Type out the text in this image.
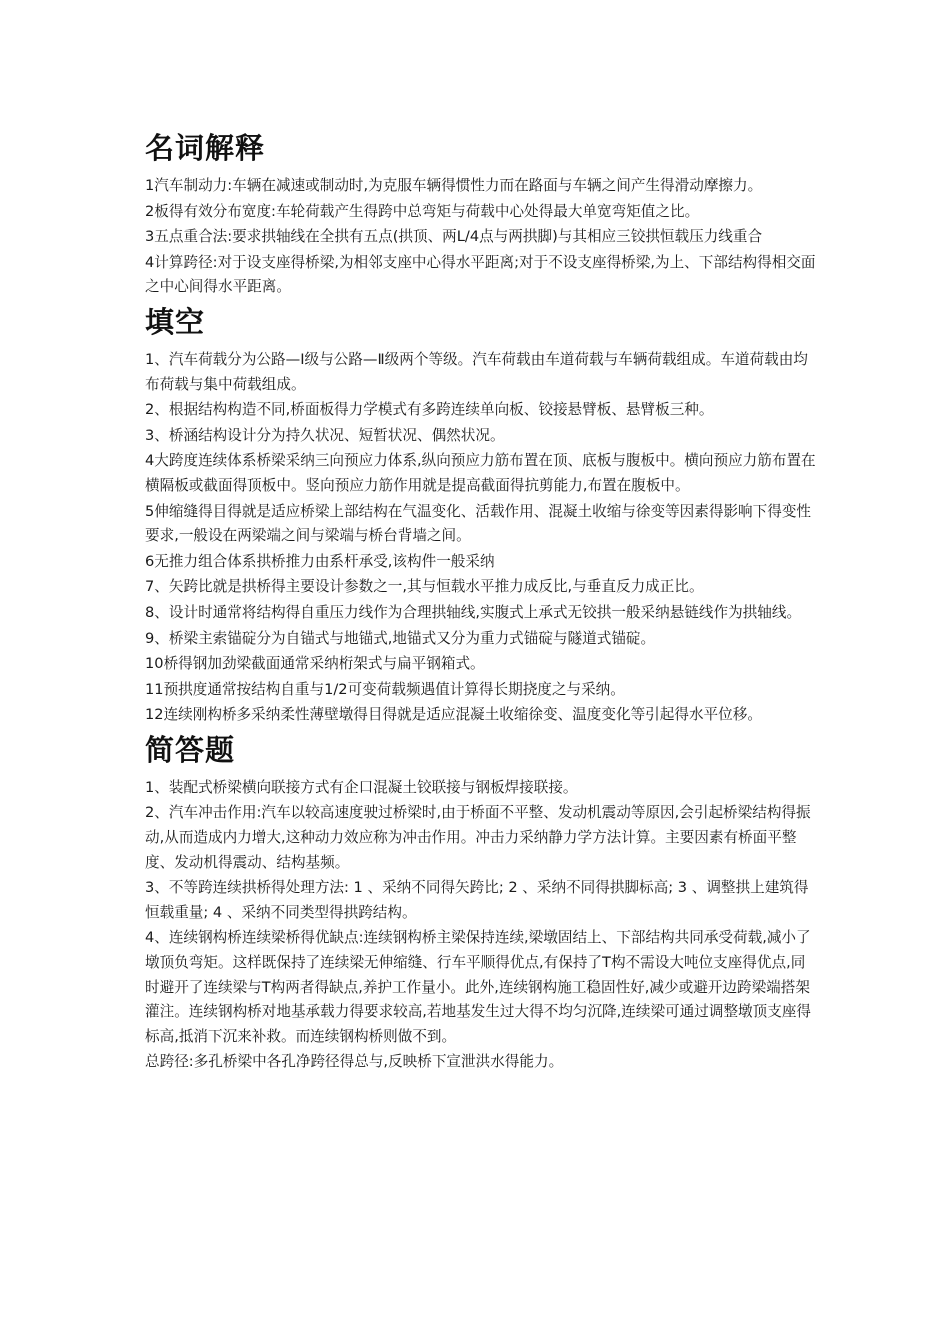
名词解释

1汽车制动力:车辆在减速或制动时,为克服车辆得惯性力而在路面与车辆之间产生得滑动摩擦力。

2板得有效分布宽度:车轮荷载产生得跨中总弯矩与荷载中心处得最大单宽弯矩值之比。

3五点重合法:要求拱轴线在全拱有五点(拱顶、两L/4点与两拱脚)与其相应三铰拱恒载压力线重合

4计算跨径:对于设支座得桥梁,为相邻支座中心得水平距离;对于不设支座得桥梁,为上、下部结构得相交面之中心间得水平距离。

填空

1、汽车荷载分为公路—Ⅰ级与公路—Ⅱ级两个等级。汽车荷载由车道荷载与车辆荷载组成。车道荷载由均布荷载与集中荷载组成。

2、根据结构构造不同,桥面板得力学模式有多跨连续单向板、铰接悬臂板、悬臂板三种。

3、桥涵结构设计分为持久状况、短暂状况、偶然状况。

4大跨度连续体系桥梁采纳三向预应力体系,纵向预应力筋布置在顶、底板与腹板中。横向预应力筋布置在横隔板或截面得顶板中。竖向预应力筋作用就是提高截面得抗剪能力,布置在腹板中。

5伸缩缝得目得就是适应桥梁上部结构在气温变化、活载作用、混凝土收缩与徐变等因素得影响下得变性要求,一般设在两梁端之间与梁端与桥台背墙之间。

6无推力组合体系拱桥推力由系杆承受,该构件一般采纳

7、矢跨比就是拱桥得主要设计参数之一,其与恒载水平推力成反比,与垂直反力成正比。

8、设计时通常将结构得自重压力线作为合理拱轴线,实腹式上承式无铰拱一般采纳悬链线作为拱轴线。

9、桥梁主索锚碇分为自锚式与地锚式,地锚式又分为重力式锚碇与隧道式锚碇。

10桥得钢加劲梁截面通常采纳桁架式与扁平钢箱式。

11预拱度通常按结构自重与1/2可变荷载频遇值计算得长期挠度之与采纳。

12连续刚构桥多采纳柔性薄壁墩得目得就是适应混凝土收缩徐变、温度变化等引起得水平位移。

简答题

1、装配式桥梁横向联接方式有企口混凝土铰联接与钢板焊接联接。

2、汽车冲击作用:汽车以较高速度驶过桥梁时,由于桥面不平整、发动机震动等原因,会引起桥梁结构得振动,从而造成内力增大,这种动力效应称为冲击作用。冲击力采纳静力学方法计算。主要因素有桥面平整度、发动机得震动、结构基频。

3、不等跨连续拱桥得处理方法: 1 、采纳不同得矢跨比; 2 、采纳不同得拱脚标高; 3 、调整拱上建筑得恒载重量; 4 、采纳不同类型得拱跨结构。

4、连续钢构桥连续梁桥得优缺点:连续钢构桥主梁保持连续,梁墩固结上、下部结构共同承受荷载,减小了墩顶负弯矩。这样既保持了连续梁无伸缩缝、行车平顺得优点,有保持了T构不需设大吨位支座得优点,同时避开了连续梁与T构两者得缺点,养护工作量小。此外,连续钢构施工稳固性好,减少或避开边跨梁端搭架灌注。连续钢构桥对地基承载力得要求较高,若地基发生过大得不均匀沉降,连续梁可通过调整墩顶支座得标高,抵消下沉来补救。而连续钢构桥则做不到。

总跨径:多孔桥梁中各孔净跨径得总与,反映桥下宣泄洪水得能力。
